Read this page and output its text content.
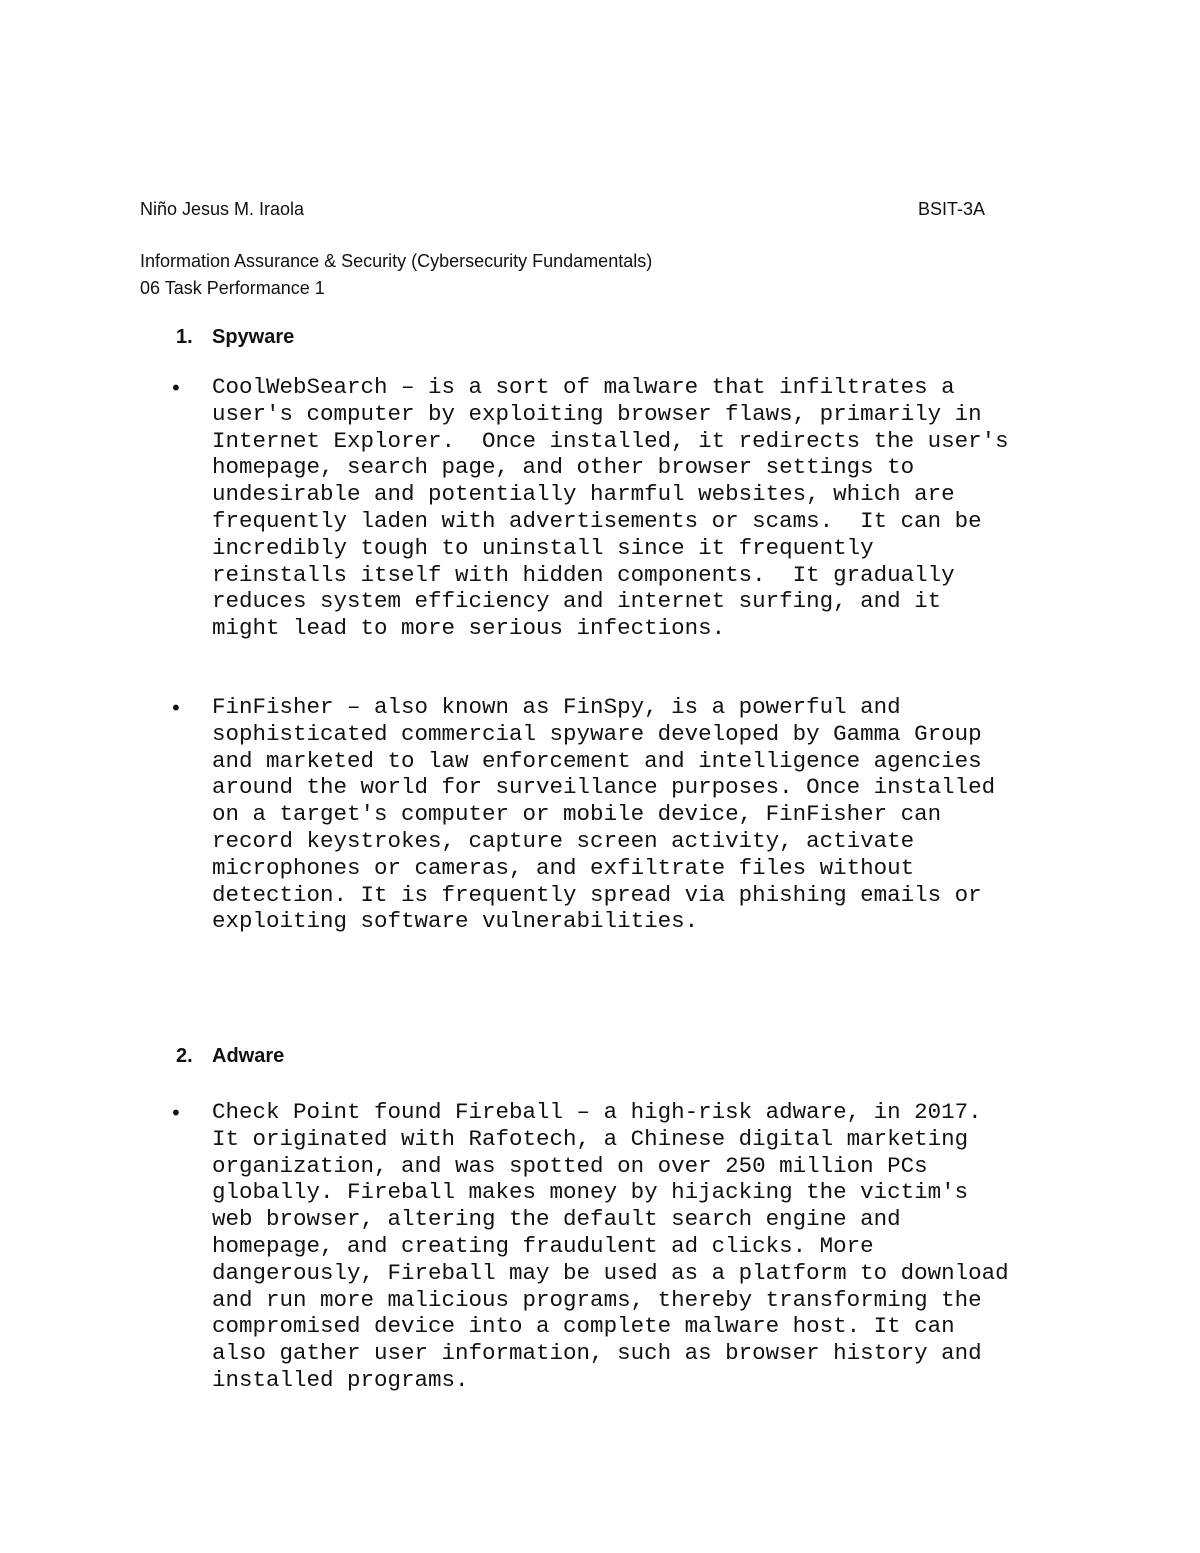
Niño Jesus M. Iraola	BSIT-3A
Information Assurance & Security (Cybersecurity Fundamentals)
06 Task Performance 1
1. Spyware
• CoolWebSearch – is a sort of malware that infiltrates a
user's computer by exploiting browser flaws, primarily in
Internet Explorer.  Once installed, it redirects the user's
homepage, search page, and other browser settings to
undesirable and potentially harmful websites, which are
frequently laden with advertisements or scams.  It can be
incredibly tough to uninstall since it frequently
reinstalls itself with hidden components.  It gradually
reduces system efficiency and internet surfing, and it
might lead to more serious infections.
• FinFisher – also known as FinSpy, is a powerful and
sophisticated commercial spyware developed by Gamma Group
and marketed to law enforcement and intelligence agencies
around the world for surveillance purposes. Once installed
on a target's computer or mobile device, FinFisher can
record keystrokes, capture screen activity, activate
microphones or cameras, and exfiltrate files without
detection. It is frequently spread via phishing emails or
exploiting software vulnerabilities.
2. Adware
• Check Point found Fireball – a high-risk adware, in 2017.
It originated with Rafotech, a Chinese digital marketing
organization, and was spotted on over 250 million PCs
globally. Fireball makes money by hijacking the victim's
web browser, altering the default search engine and
homepage, and creating fraudulent ad clicks. More
dangerously, Fireball may be used as a platform to download
and run more malicious programs, thereby transforming the
compromised device into a complete malware host. It can
also gather user information, such as browser history and
installed programs.
